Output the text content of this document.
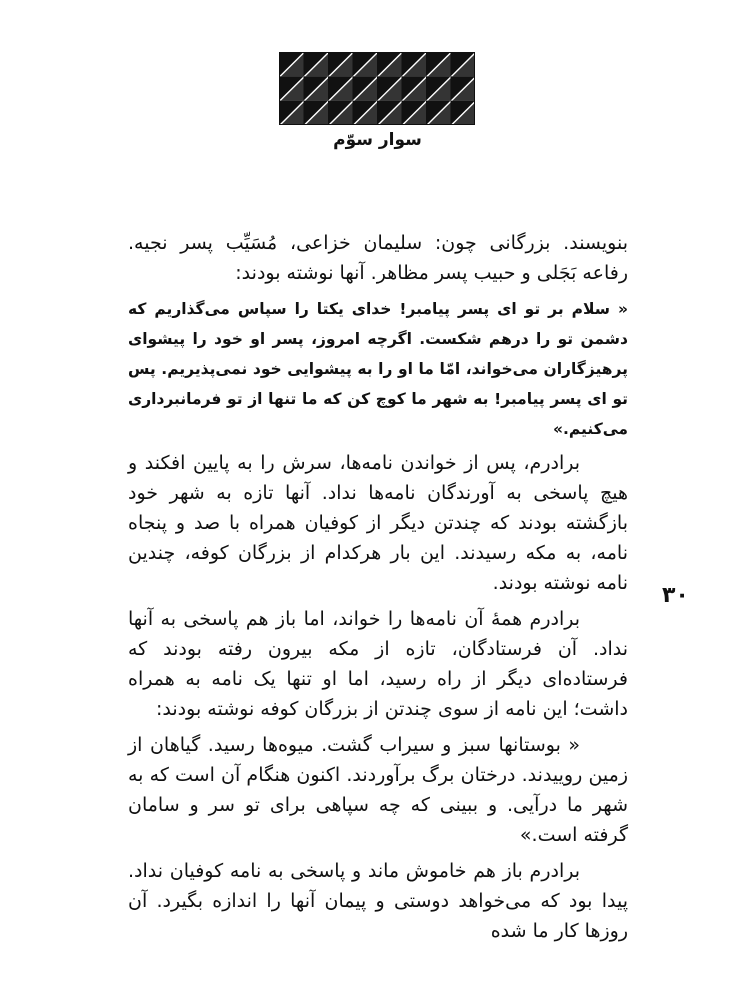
سوار سوّم

بنویسند. بزرگانی چون: سلیمان خزاعی، مُسَیِّب پسر نجیه. رفاعه بَجَلی و حبیب پسر مظاهر. آنها نوشته بودند:

« سلام بر تو ای پسر پیامبر! خدای یکتا را سپاس می‌گذاریم که دشمن تو را درهم شکست. اگرچه امروز، پسر او خود را پیشوای پرهیزگاران می‌خواند، امّا ما او را به پیشوایی خود نمی‌پذیریم. پس تو ای پسر پیامبر! به شهر ما کوچ کن که ما تنها از تو فرمانبرداری می‌کنیم.»

برادرم، پس از خواندن نامه‌ها، سرش را به پایین افکند و هیچ پاسخی به آورندگان نامه‌ها نداد. آنها تازه به شهر خود بازگشته بودند که چندتن دیگر از کوفیان همراه با صد و پنجاه نامه، به مکه رسیدند. این بار هرکدام از بزرگان کوفه، چندین نامه نوشته بودند.

برادرم همهٔ آن نامه‌ها را خواند، اما باز هم پاسخی به آنها نداد. آن فرستادگان، تازه از مکه بیرون رفته بودند که فرستاده‌ای دیگر از راه رسید، اما او تنها یک نامه به همراه داشت؛ این نامه از سوی چندتن از بزرگان کوفه نوشته بودند:

« بوستانها سبز و سیراب گشت. میوه‌ها رسید. گیاهان از زمین روییدند. درختان برگ برآوردند. اکنون هنگام آن است که به شهر ما درآیی. و ببینی که چه سپاهی برای تو سر و سامان گرفته است.»

برادرم باز هم خاموش ماند و پاسخی به نامه کوفیان نداد. پیدا بود که می‌خواهد دوستی و پیمان آنها را اندازه بگیرد. آن روزها کار ما شده

۳۰
